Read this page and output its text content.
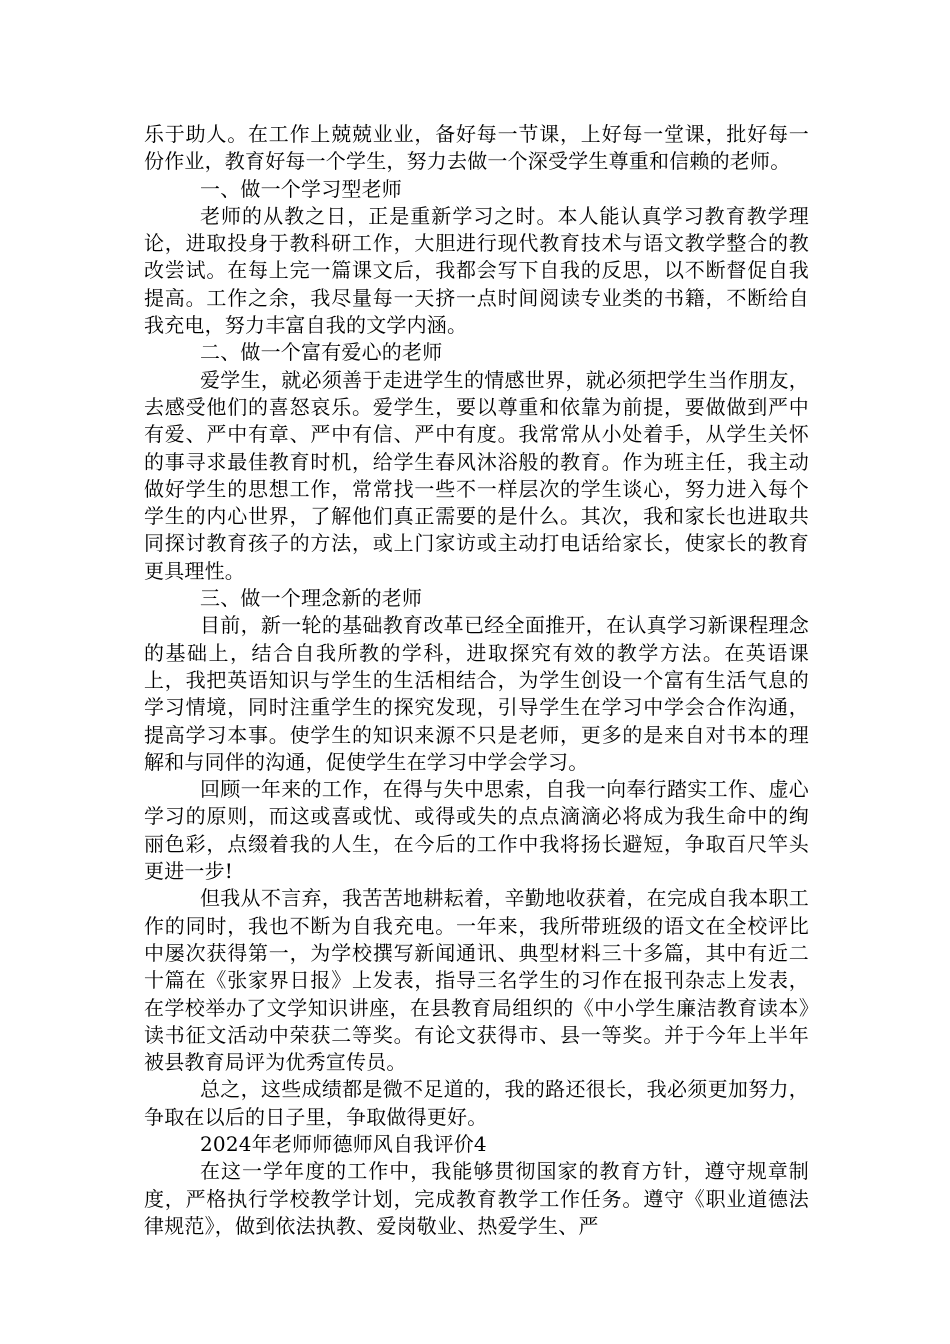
乐于助人。在工作上兢兢业业，备好每一节课，上好每一堂课，批好每一份作业，教育好每一个学生，努力去做一个深受学生尊重和信赖的老师。

一、做一个学习型老师

老师的从教之日，正是重新学习之时。本人能认真学习教育教学理论，进取投身于教科研工作，大胆进行现代教育技术与语文教学整合的教改尝试。在每上完一篇课文后，我都会写下自我的反思，以不断督促自我提高。工作之余，我尽量每一天挤一点时间阅读专业类的书籍，不断给自我充电，努力丰富自我的文学内涵。

二、做一个富有爱心的老师

爱学生，就必须善于走进学生的情感世界，就必须把学生当作朋友，去感受他们的喜怒哀乐。爱学生，要以尊重和依靠为前提，要做做到严中有爱、严中有章、严中有信、严中有度。我常常从小处着手，从学生关怀的事寻求最佳教育时机，给学生春风沐浴般的教育。作为班主任，我主动做好学生的思想工作，常常找一些不一样层次的学生谈心，努力进入每个学生的内心世界，了解他们真正需要的是什么。其次，我和家长也进取共同探讨教育孩子的方法，或上门家访或主动打电话给家长，使家长的教育更具理性。

三、做一个理念新的老师

目前，新一轮的基础教育改革已经全面推开，在认真学习新课程理念的基础上，结合自我所教的学科，进取探究有效的教学方法。在英语课上，我把英语知识与学生的生活相结合，为学生创设一个富有生活气息的学习情境，同时注重学生的探究发现，引导学生在学习中学会合作沟通，提高学习本事。使学生的知识来源不只是老师，更多的是来自对书本的理解和与同伴的沟通，促使学生在学习中学会学习。

回顾一年来的工作，在得与失中思索，自我一向奉行踏实工作、虚心学习的原则，而这或喜或忧、或得或失的点点滴滴必将成为我生命中的绚丽色彩，点缀着我的人生，在今后的工作中我将扬长避短，争取百尺竿头更进一步!

但我从不言弃，我苦苦地耕耘着，辛勤地收获着，在完成自我本职工作的同时，我也不断为自我充电。一年来，我所带班级的语文在全校评比中屡次获得第一，为学校撰写新闻通讯、典型材料三十多篇，其中有近二十篇在《张家界日报》上发表，指导三名学生的习作在报刊杂志上发表，在学校举办了文学知识讲座，在县教育局组织的《中小学生廉洁教育读本》读书征文活动中荣获二等奖。有论文获得市、县一等奖。并于今年上半年被县教育局评为优秀宣传员。

总之，这些成绩都是微不足道的，我的路还很长，我必须更加努力，争取在以后的日子里，争取做得更好。

2024年老师师德师风自我评价4

在这一学年度的工作中，我能够贯彻国家的教育方针，遵守规章制度，严格执行学校教学计划，完成教育教学工作任务。遵守《职业道德法律规范》，做到依法执教、爱岗敬业、热爱学生、严
